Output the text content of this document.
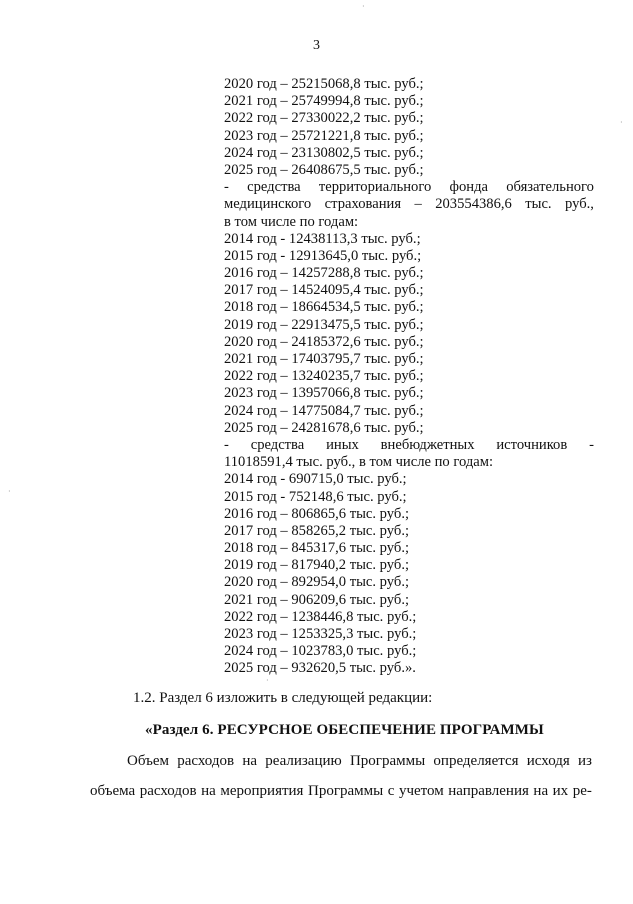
3
2020 год – 25215068,8 тыс. руб.;
2021 год – 25749994,8 тыс. руб.;
2022 год – 27330022,2 тыс. руб.;
2023 год – 25721221,8 тыс. руб.;
2024 год – 23130802,5 тыс. руб.;
2025 год – 26408675,5 тыс. руб.;
- средства территориального фонда обязательного
медицинского страхования – 203554386,6 тыс. руб.,
в том числе по годам:
2014 год - 12438113,3 тыс. руб.;
2015 год - 12913645,0 тыс. руб.;
2016 год – 14257288,8 тыс. руб.;
2017 год – 14524095,4 тыс. руб.;
2018 год – 18664534,5 тыс. руб.;
2019 год – 22913475,5 тыс. руб.;
2020 год – 24185372,6 тыс. руб.;
2021 год – 17403795,7 тыс. руб.;
2022 год – 13240235,7 тыс. руб.;
2023 год – 13957066,8 тыс. руб.;
2024 год – 14775084,7 тыс. руб.;
2025 год – 24281678,6 тыс. руб.;
- средства иных внебюджетных источников -
11018591,4 тыс. руб., в том числе по годам:
2014 год - 690715,0 тыс. руб.;
2015 год - 752148,6 тыс. руб.;
2016 год – 806865,6 тыс. руб.;
2017 год – 858265,2 тыс. руб.;
2018 год – 845317,6 тыс. руб.;
2019 год – 817940,2 тыс. руб.;
2020 год – 892954,0 тыс. руб.;
2021 год – 906209,6 тыс. руб.;
2022 год – 1238446,8 тыс. руб.;
2023 год – 1253325,3 тыс. руб.;
2024 год – 1023783,0 тыс. руб.;
2025 год – 932620,5 тыс. руб.».
1.2. Раздел 6 изложить в следующей редакции:
«Раздел 6. РЕСУРСНОЕ ОБЕСПЕЧЕНИЕ ПРОГРАММЫ
Объем расходов на реализацию Программы определяется исходя из
объема расходов на мероприятия Программы с учетом направления на их ре-
·
·
·
·
